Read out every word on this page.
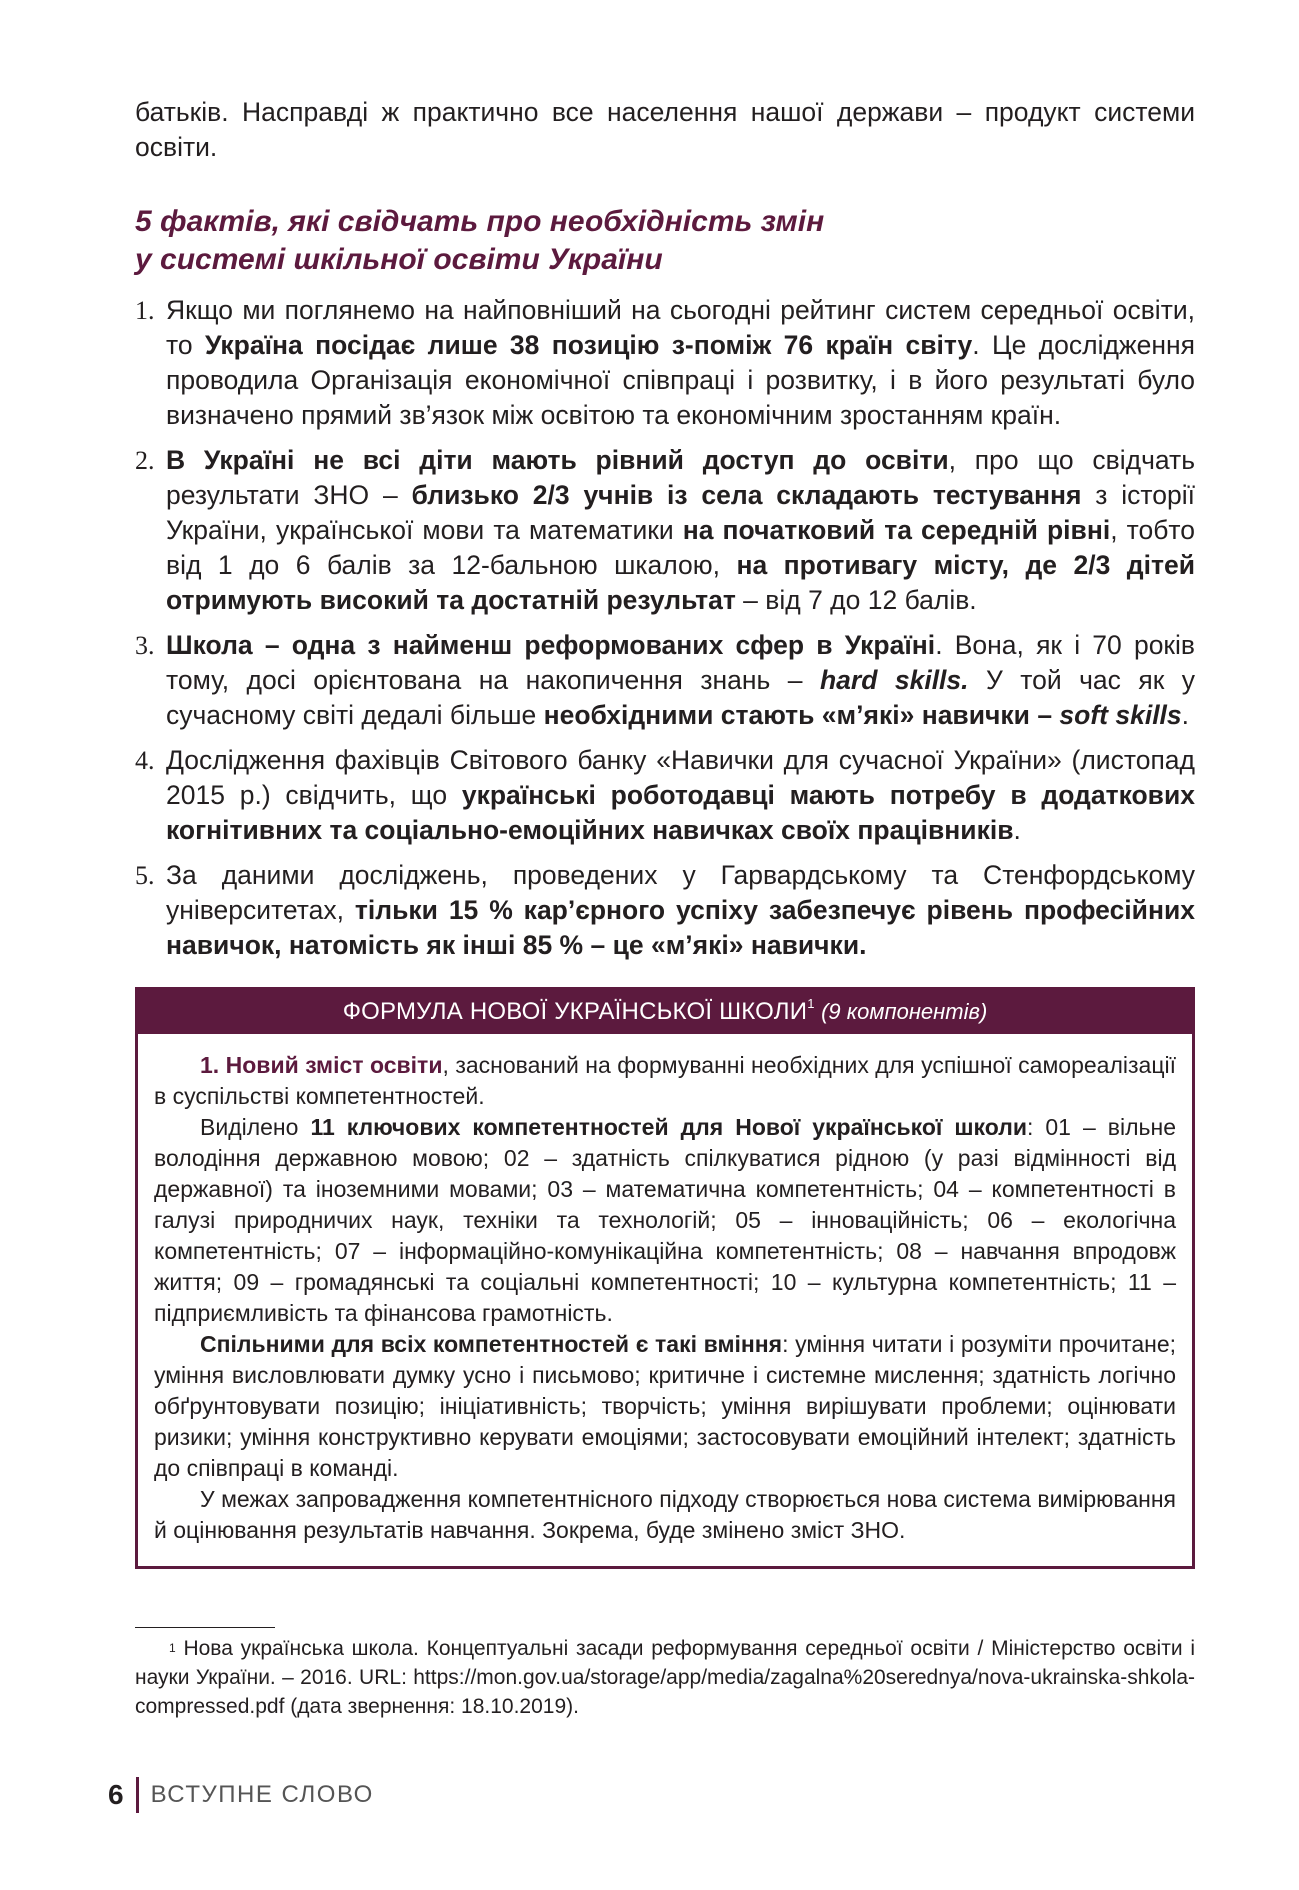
батьків. Насправді ж практично все населення нашої держави – продукт системи освіти.

5 фактів, які свідчать про необхідність змін
у системі шкільної освіти України
1. Якщо ми поглянемо на найповніший на сьогодні рейтинг систем середньої освіти, то Україна посідає лише 38 позицію з-поміж 76 країн світу. Це дослідження проводила Організація економічної співпраці і розвитку, і в його результаті було визначено прямий зв’язок між освітою та економічним зростанням країн.
2. В Україні не всі діти мають рівний доступ до освіти, про що свідчать результати ЗНО – близько 2/3 учнів із села складають тестування з історії України, української мови та математики на початковий та середній рівні, тобто від 1 до 6 балів за 12-бальною шкалою, на противагу місту, де 2/3 дітей отримують високий та достатній результат – від 7 до 12 балів.
3. Школа – одна з найменш реформованих сфер в Україні. Вона, як і 70 років тому, досі орієнтована на накопичення знань – hard skills. У той час як у сучасному світі дедалі більше необхідними стають «м’які» навички – soft skills.
4. Дослідження фахівців Світового банку «Навички для сучасної України» (листопад 2015 р.) свідчить, що українські роботодавці мають потребу в додаткових когнітивних та соціально-емоційних навичках своїх працівників.
5. За даними досліджень, проведених у Гарвардському та Стенфордському університетах, тільки 15 % кар’єрного успіху забезпечує рівень професійних навичок, натомість як інші 85 % – це «м’які» навички.
ФОРМУЛА НОВОЇ УКРАЇНСЬКОЇ ШКОЛИ$^1$ (9 компонентів)

1. Новий зміст освіти, заснований на формуванні необхідних для успішної самореалізації в суспільстві компетентностей.

Виділено 11 ключових компетентностей для Нової української школи: 01 – вільне володіння державною мовою; 02 – здатність спілкуватися рідною (у разі відмінності від державної) та іноземними мовами; 03 – математична компетентність; 04 – компетентності в галузі природничих наук, техніки та технологій; 05 – інноваційність; 06 – екологічна компетентність; 07 – інформаційно-комунікаційна компетентність; 08 – навчання впродовж життя; 09 – громадянські та соціальні компетентності; 10 – культурна компетентність; 11 – підприємливість та фінансова грамотність.

Спільними для всіх компетентностей є такі вміння: уміння читати і розуміти прочитане; уміння висловлювати думку усно і письмово; критичне і системне мислення; здатність логічно обґрунтовувати позицію; ініціативність; творчість; уміння вирішувати проблеми; оцінювати ризики; уміння конструктивно керувати емоціями; застосовувати емоційний інтелект; здатність до співпраці в команді.

У межах запровадження компетентнісного підходу створюється нова система вимірювання й оцінювання результатів навчання. Зокрема, буде змінено зміст ЗНО.

$^1$ Нова українська школа. Концептуальні засади реформування середньої освіти / Міністерство освіти і науки України. – 2016. URL: https://mon.gov.ua/storage/app/media/zagalna%20serednya/nova-ukrainska-shkola-compressed.pdf (дата звернення: 18.10.2019).

6 ВСТУПНЕ СЛОВО
